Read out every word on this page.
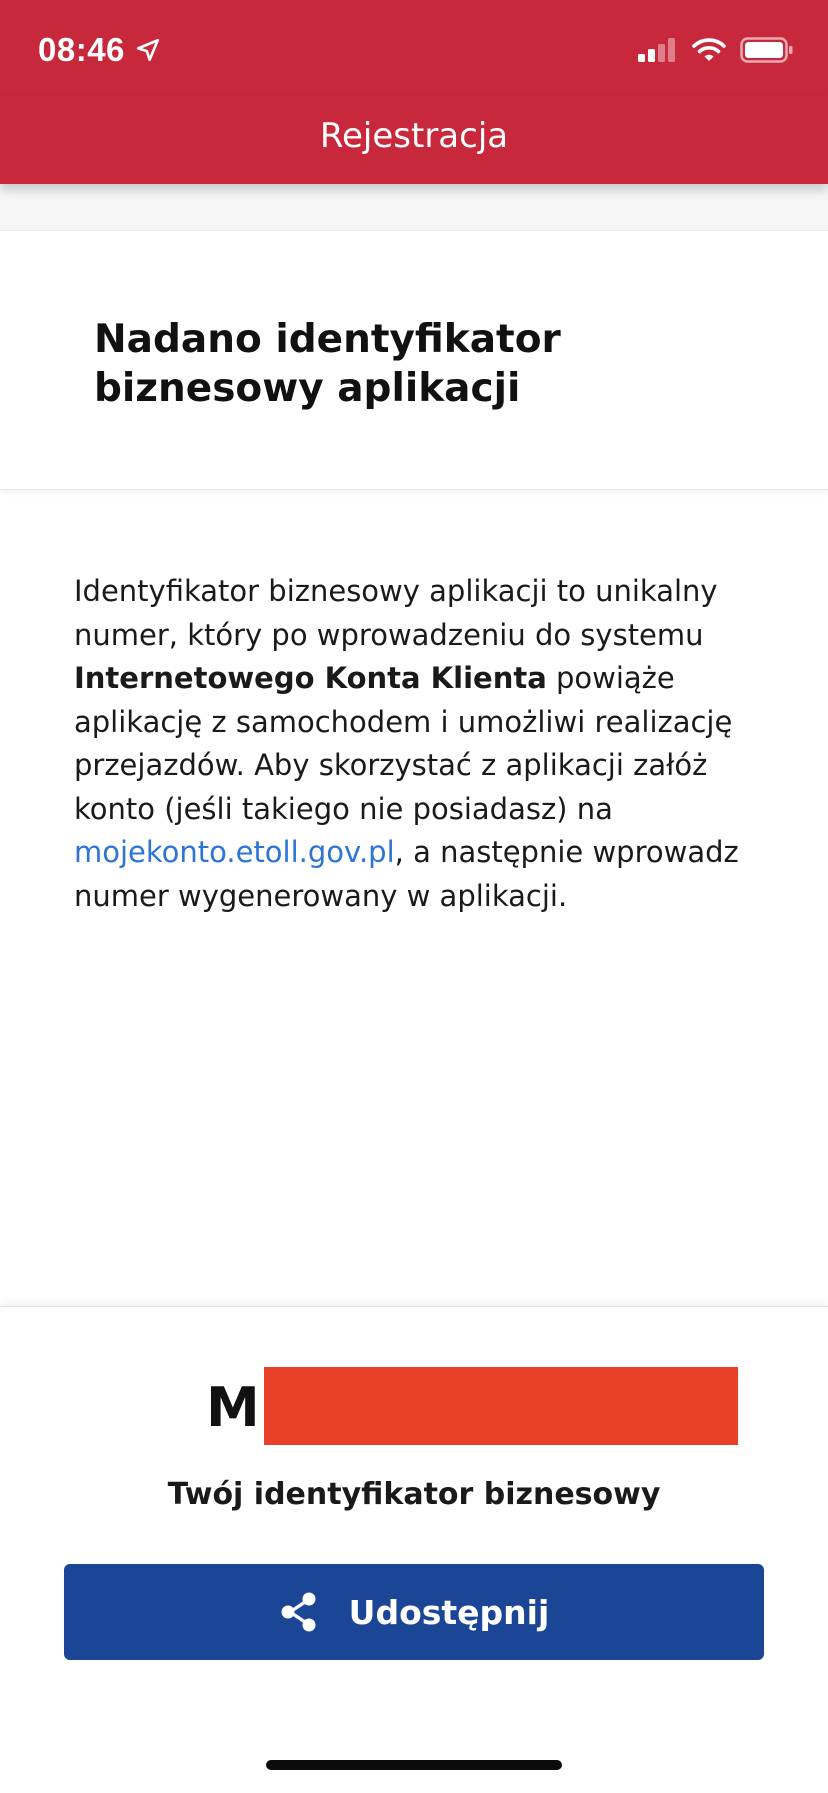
08:46
Rejestracja
Nadano identyfikator biznesowy aplikacji

Identyfikator biznesowy aplikacji to unikalny numer, który po wprowadzeniu do systemu Internetowego Konta Klienta powiąże aplikację z samochodem i umożliwi realizację przejazdów. Aby skorzystać z aplikacji załóż konto (jeśli takiego nie posiadasz) na mojekonto.etoll.gov.pl, a następnie wprowadz numer wygenerowany w aplikacji.

M
Twój identyfikator biznesowy
Udostępnij
